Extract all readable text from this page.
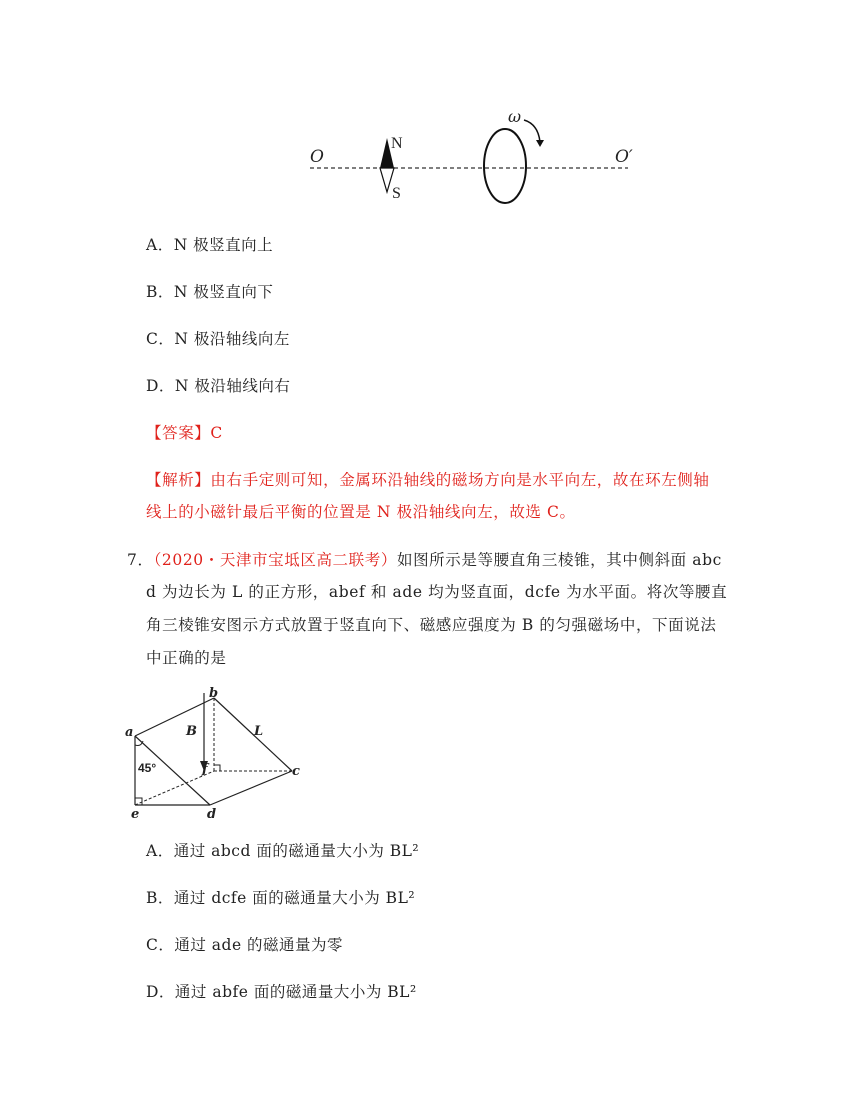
O	O′
N
S
ω
A．N 极竖直向上
B．N 极竖直向下
C．N 极沿轴线向左
D．N 极沿轴线向右
【答案】C
【解析】由右手定则可知，金属环沿轴线的磁场方向是水平向左，故在环左侧轴
线上的小磁针最后平衡的位置是 N 极沿轴线向左，故选 C。
7．（2020・天津市宝坻区高二联考）如图所示是等腰直角三棱锥，其中侧斜面 abc
d 为边长为 L 的正方形，abef 和 ade 均为竖直面，dcfe 为水平面。将次等腰直
角三棱锥安图示方式放置于竖直向下、磁感应强度为 B 的匀强磁场中，下面说法
中正确的是
a
b
c
d
e
f
B	L
45°
A．通过 abcd 面的磁通量大小为 BL²
B．通过 dcfe 面的磁通量大小为 BL²
C．通过 ade 的磁通量为零
D．通过 abfe 面的磁通量大小为 BL²
